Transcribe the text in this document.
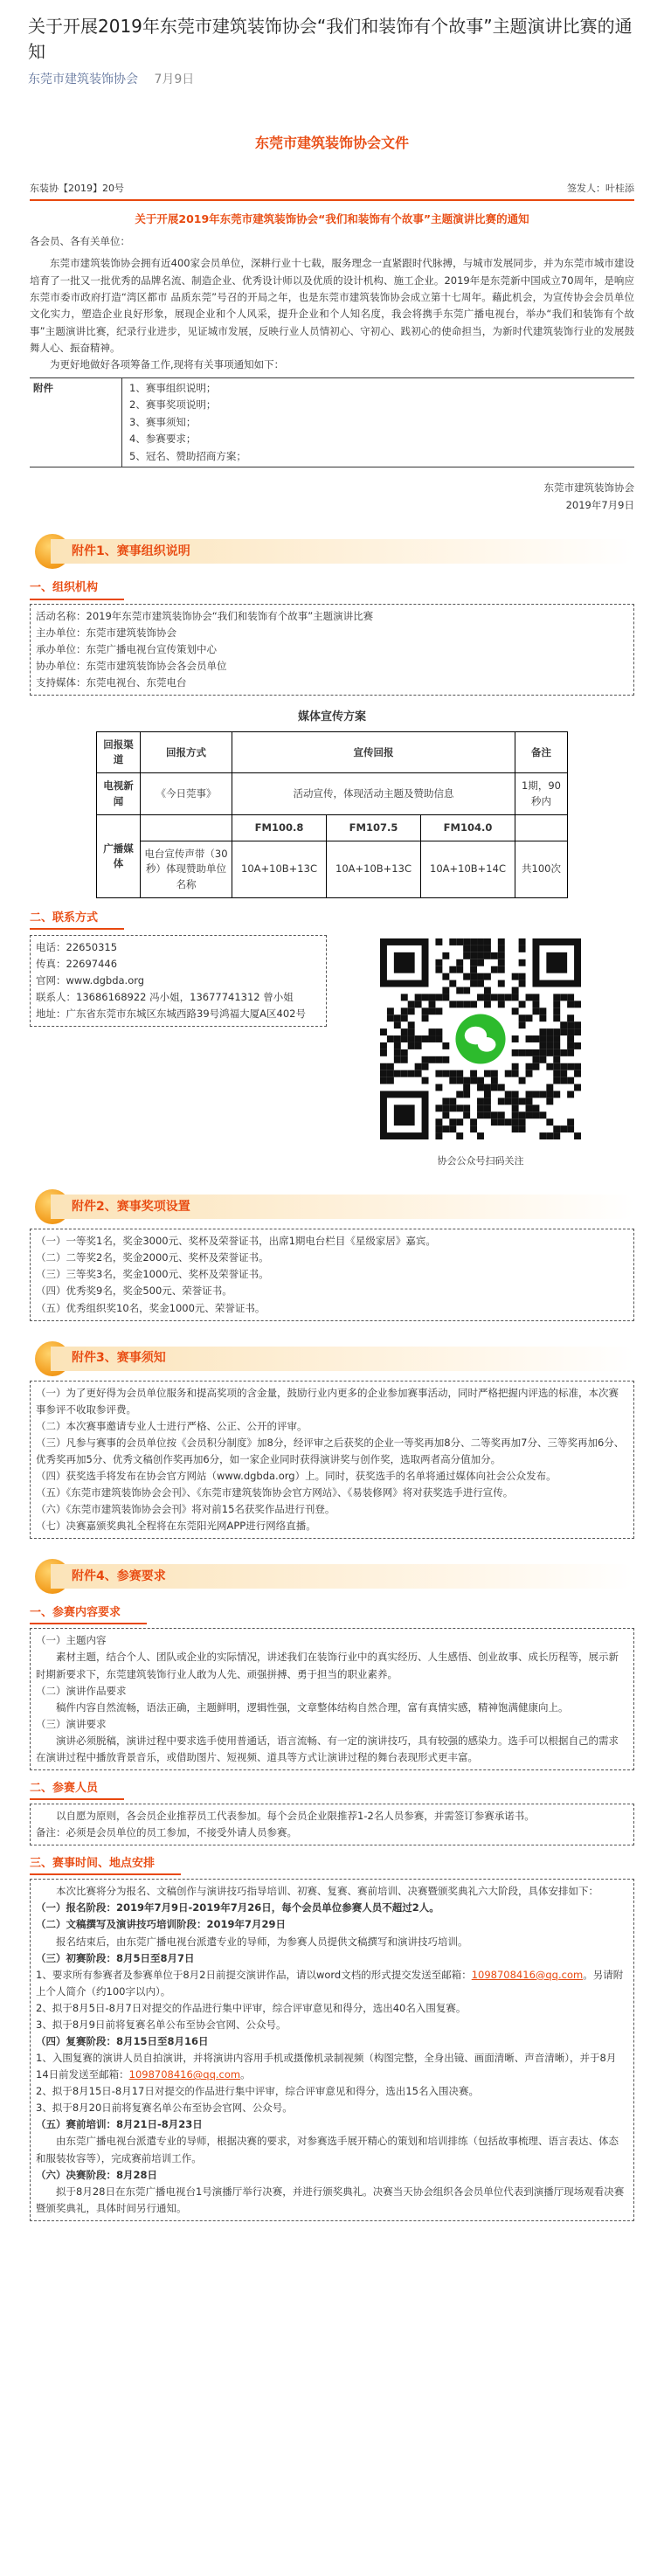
关于开展2019年东莞市建筑装饰协会“我们和装饰有个故事”主题演讲比赛的通知
东莞市建筑装饰协会 7月9日
东莞市建筑装饰协会文件
东装协【2019】20号	签发人：叶桂添
关于开展2019年东莞市建筑装饰协会“我们和装饰有个故事”主题演讲比赛的通知
各会员、各有关单位：
东莞市建筑装饰协会拥有近400家会员单位，深耕行业十七载，服务理念一直紧跟时代脉搏，与城市发展同步，并为东莞市城市建设培育了一批又一批优秀的品牌名流、制造企业、优秀设计师以及优质的设计机构、施工企业。2019年是东莞新中国成立70周年，是响应东莞市委市政府打造“湾区都市 品质东莞”号召的开局之年，也是东莞市建筑装饰协会成立第十七周年。藉此机会，为宣传协会会员单位文化实力，塑造企业良好形象，展现企业和个人风采，提升企业和个人知名度，我会将携手东莞广播电视台，举办“我们和装饰有个故事”主题演讲比赛，纪录行业进步，见证城市发展，反映行业人员情初心、守初心、践初心的使命担当，为新时代建筑装饰行业的发展鼓舞人心、振奋精神。
为更好地做好各项筹备工作,现将有关事项通知如下：
附件	1、赛事组织说明；
2、赛事奖项说明；
3、赛事须知；
4、参赛要求；
5、冠名、赞助招商方案；
东莞市建筑装饰协会
2019年7月9日
附件1、赛事组织说明
一、组织机构
活动名称：2019年东莞市建筑装饰协会“我们和装饰有个故事”主题演讲比赛
主办单位：东莞市建筑装饰协会
承办单位：东莞广播电视台宣传策划中心
协办单位：东莞市建筑装饰协会各会员单位
支持媒体：东莞电视台、东莞电台
媒体宣传方案
回报渠道	回报方式	宣传回报			备注
电视新闻	《今日莞事》	活动宣传，体现活动主题及赞助信息			1期，90秒内
广播媒体		FM100.8	FM107.5	FM104.0	
	电台宣传声带（30秒）体现赞助单位名称	10A+10B+13C	10A+10B+13C	10A+10B+14C	共100次
二、联系方式
电话：22650315
传真：22697446
官网：www.dgbda.org
联系人：13686168922 冯小姐，13677741312 曾小姐
地址：广东省东莞市东城区东城西路39号鸿福大厦A区402号
协会公众号扫码关注
附件2、赛事奖项设置
（一）一等奖1名，奖金3000元、奖杯及荣誉证书，出席1期电台栏目《星级家居》嘉宾。
（二）二等奖2名，奖金2000元、奖杯及荣誉证书。
（三）三等奖3名，奖金1000元、奖杯及荣誉证书。
（四）优秀奖9名，奖金500元、荣誉证书。
（五）优秀组织奖10名，奖金1000元、荣誉证书。
附件3、赛事须知
（一）为了更好得为会员单位服务和提高奖项的含金量，鼓励行业内更多的企业参加赛事活动，同时严格把握内评选的标准，本次赛事参评不收取参评费。
（二）本次赛事邀请专业人士进行严格、公正、公开的评审。
（三）凡参与赛事的会员单位按《会员积分制度》加8分，经评审之后获奖的企业一等奖再加8分、二等奖再加7分、三等奖再加6分、优秀奖再加5分、优秀文稿创作奖再加6分，如一家企业同时获得演讲奖与创作奖，选取两者高分值加分。
（四）获奖选手将发布在协会官方网站（www.dgbda.org）上。同时，获奖选手的名单将通过媒体向社会公众发布。
（五）《东莞市建筑装饰协会会刊》、《东莞市建筑装饰协会官方网站》、《易装修网》将对获奖选手进行宣传。
（六）《东莞市建筑装饰协会会刊》将对前15名获奖作品进行刊登。
（七）决赛嘉颁奖典礼全程将在东莞阳光网APP进行网络直播。
附件4、参赛要求
一、参赛内容要求
（一）主题内容
素材主题，结合个人、团队或企业的实际情况，讲述我们在装饰行业中的真实经历、人生感悟、创业故事、成长历程等，展示新时期新要求下，东莞建筑装饰行业人敢为人先、顽强拼搏、勇于担当的职业素养。
（二）演讲作品要求
稿件内容自然流畅，语法正确，主题鲜明，逻辑性强，文章整体结构自然合理，富有真情实感，精神饱满健康向上。
（三）演讲要求
演讲必须脱稿，演讲过程中要求选手使用普通话，语言流畅、有一定的演讲技巧，具有较强的感染力。选手可以根据自己的需求在演讲过程中播放背景音乐，或借助图片、短视频、道具等方式让演讲过程的舞台表现形式更丰富。
二、参赛人员
以自愿为原则，各会员企业推荐员工代表参加。每个会员企业限推荐1-2名人员参赛，并需签订参赛承诺书。
备注：必须是会员单位的员工参加，不接受外请人员参赛。
三、赛事时间、地点安排
本次比赛将分为报名、文稿创作与演讲技巧指导培训、初赛、复赛、赛前培训、决赛暨颁奖典礼六大阶段，具体安排如下：
（一）报名阶段：2019年7月9日-2019年7月26日，每个会员单位参赛人员不超过2人。
（二）文稿撰写及演讲技巧培训阶段：2019年7月29日
报名结束后，由东莞广播电视台派遣专业的导师，为参赛人员提供文稿撰写和演讲技巧培训。
（三）初赛阶段：8月5日至8月7日
1、要求所有参赛者及参赛单位于8月2日前提交演讲作品，请以word文档的形式提交发送至邮箱：1098708416@qq.com。另请附上个人简介（约100字以内）。
2、拟于8月5日-8月7日对提交的作品进行集中评审，综合评审意见和得分，选出40名入围复赛。
3、拟于8月9日前将复赛名单公布至协会官网、公众号。
（四）复赛阶段：8月15日至8月16日
1、入围复赛的演讲人员自拍演讲，并将演讲内容用手机或摄像机录制视频（构图完整，全身出镜、画面清晰、声音清晰），并于8月14日前发送至邮箱：1098708416@qq.com。
2、拟于8月15日-8月17日对提交的作品进行集中评审，综合评审意见和得分，选出15名入围决赛。
3、拟于8月20日前将复赛名单公布至协会官网、公众号。
（五）赛前培训：8月21日-8月23日
由东莞广播电视台派遣专业的导师，根据决赛的要求，对参赛选手展开精心的策划和培训排练（包括故事梳理、语言表达、体态和服装妆容等），完成赛前培训工作。
（六）决赛阶段：8月28日
拟于8月28日在东莞广播电视台1号演播厅举行决赛，并进行颁奖典礼。决赛当天协会组织各会员单位代表到演播厅现场观看决赛暨颁奖典礼，具体时间另行通知。
